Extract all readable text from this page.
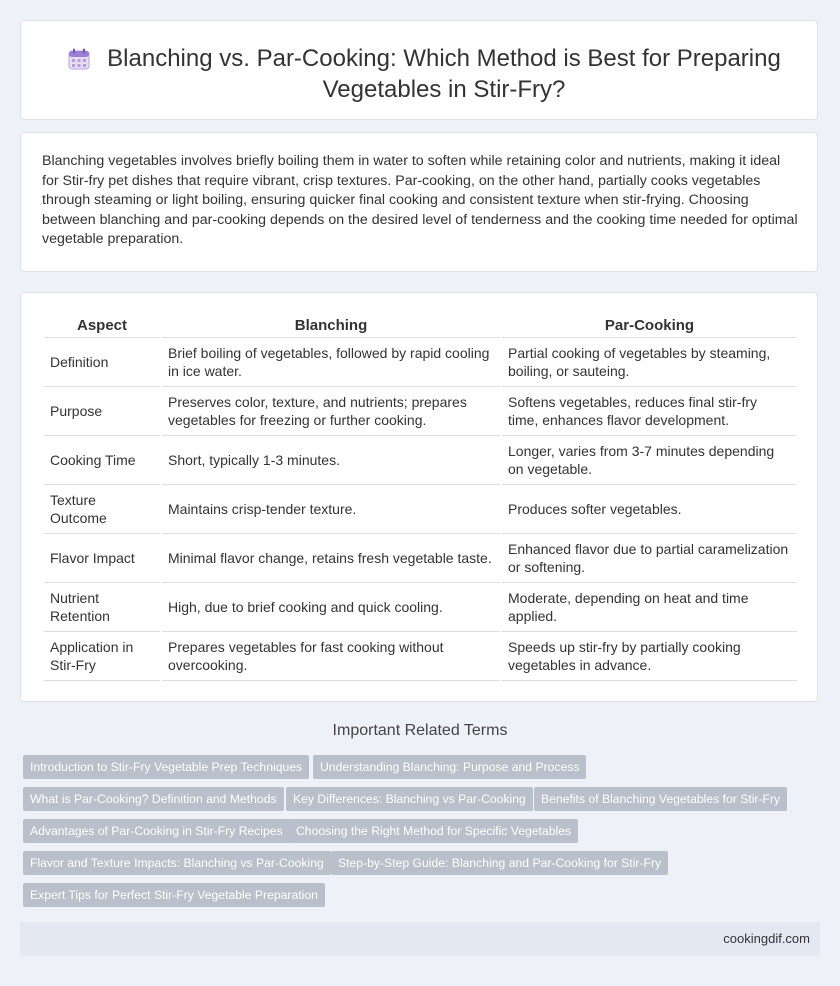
Blanching vs. Par-Cooking: Which Method is Best for Preparing Vegetables in Stir-Fry?
Blanching vegetables involves briefly boiling them in water to soften while retaining color and nutrients, making it ideal for Stir-fry pet dishes that require vibrant, crisp textures. Par-cooking, on the other hand, partially cooks vegetables through steaming or light boiling, ensuring quicker final cooking and consistent texture when stir-frying. Choosing between blanching and par-cooking depends on the desired level of tenderness and the cooking time needed for optimal vegetable preparation.
Aspect	Blanching	Par-Cooking
Definition	Brief boiling of vegetables, followed by rapid cooling in ice water.	Partial cooking of vegetables by steaming, boiling, or sauteing.
Purpose	Preserves color, texture, and nutrients; prepares vegetables for freezing or further cooking.	Softens vegetables, reduces final stir-fry time, enhances flavor development.
Cooking Time	Short, typically 1-3 minutes.	Longer, varies from 3-7 minutes depending on vegetable.
Texture Outcome	Maintains crisp-tender texture.	Produces softer vegetables.
Flavor Impact	Minimal flavor change, retains fresh vegetable taste.	Enhanced flavor due to partial caramelization or softening.
Nutrient Retention	High, due to brief cooking and quick cooling.	Moderate, depending on heat and time applied.
Application in Stir-Fry	Prepares vegetables for fast cooking without overcooking.	Speeds up stir-fry by partially cooking vegetables in advance.
Important Related Terms
Introduction to Stir-Fry Vegetable Prep Techniques	Understanding Blanching: Purpose and Process
What is Par-Cooking? Definition and Methods	Key Differences: Blanching vs Par-Cooking	Benefits of Blanching Vegetables for Stir-Fry
Advantages of Par-Cooking in Stir-Fry Recipes	Choosing the Right Method for Specific Vegetables
Flavor and Texture Impacts: Blanching vs Par-Cooking	Step-by-Step Guide: Blanching and Par-Cooking for Stir-Fry
Expert Tips for Perfect Stir-Fry Vegetable Preparation
cookingdif.com
